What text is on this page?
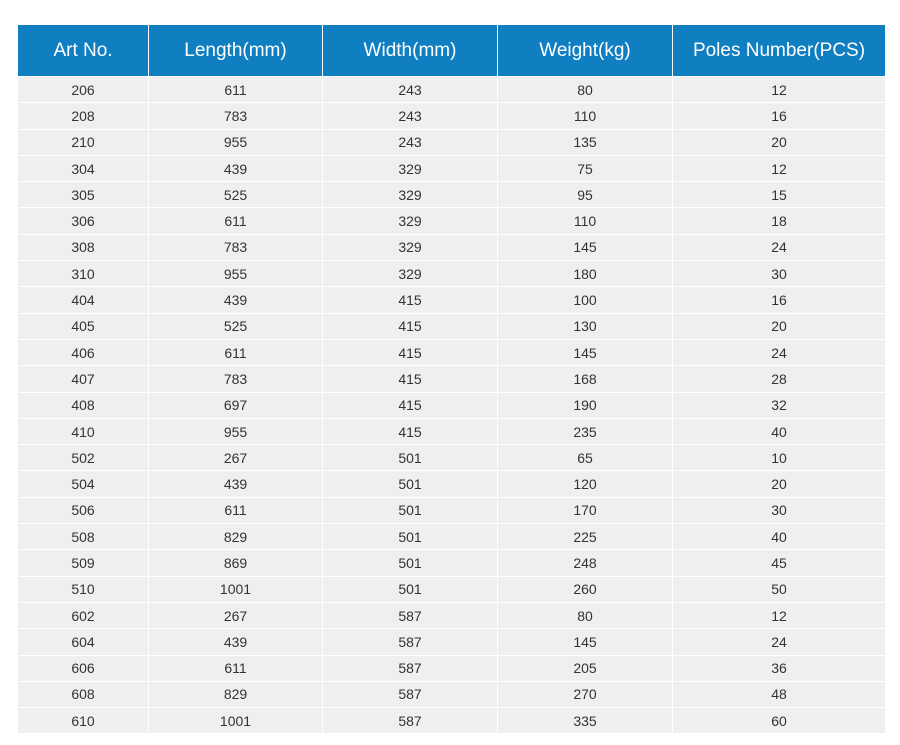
Art No.	Length(mm)	Width(mm)	Weight(kg)	Poles Number(PCS)
206	611	243	80	12
208	783	243	110	16
210	955	243	135	20
304	439	329	75	12
305	525	329	95	15
306	611	329	110	18
308	783	329	145	24
310	955	329	180	30
404	439	415	100	16
405	525	415	130	20
406	611	415	145	24
407	783	415	168	28
408	697	415	190	32
410	955	415	235	40
502	267	501	65	10
504	439	501	120	20
506	611	501	170	30
508	829	501	225	40
509	869	501	248	45
510	1001	501	260	50
602	267	587	80	12
604	439	587	145	24
606	611	587	205	36
608	829	587	270	48
610	1001	587	335	60
